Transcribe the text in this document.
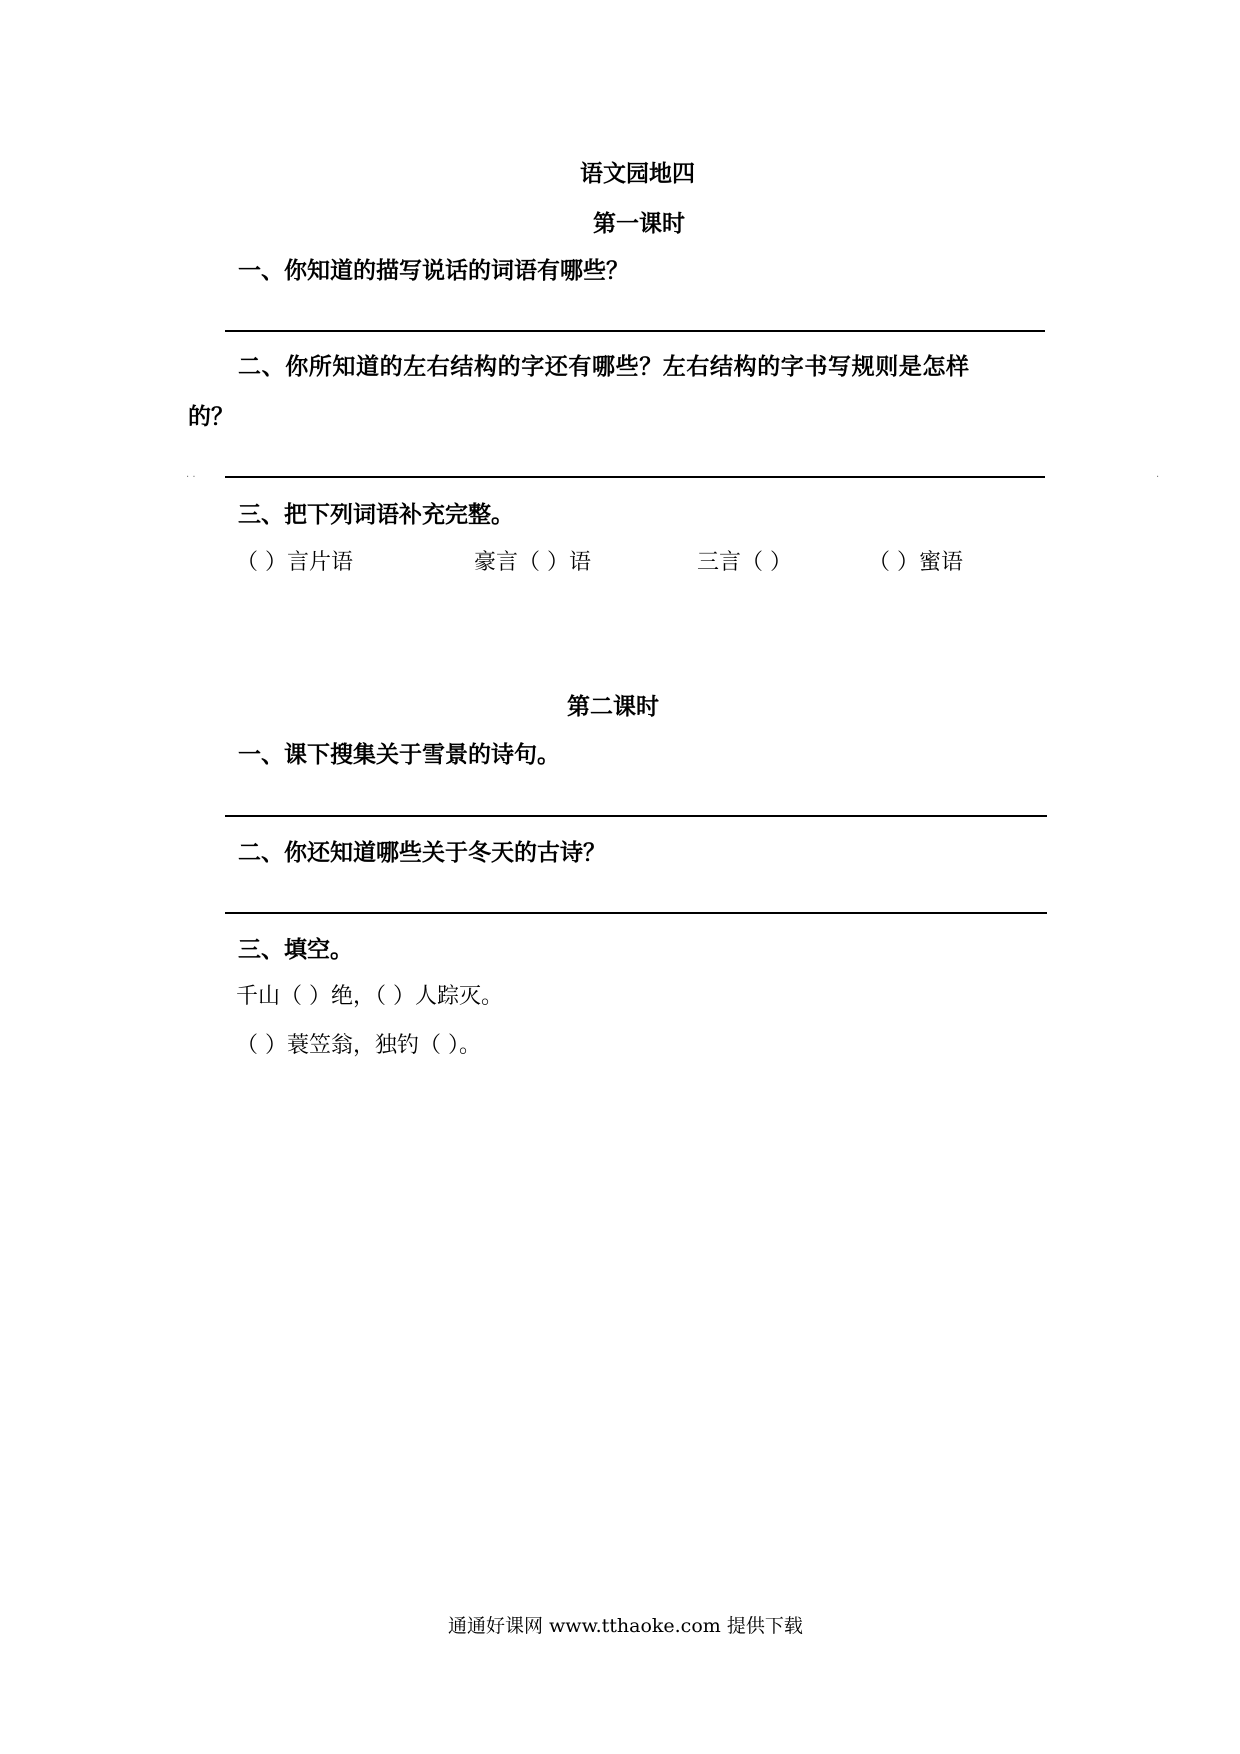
语文园地四
第一课时
一、你知道的描写说话的词语有哪些？
二、你所知道的左右结构的字还有哪些？左右结构的字书写规则是怎样
的？
. .	.
三、把下列词语补充完整。
（ ）言片语	豪言（ ）语	三言（ ）	（ ）蜜语
第二课时
一、课下搜集关于雪景的诗句。
二、你还知道哪些关于冬天的古诗？
三、填空。
千山（ ）绝，（ ）人踪灭。
（ ）蓑笠翁，独钓（ ）。
通通好课网 www.tthaoke.com 提供下载
